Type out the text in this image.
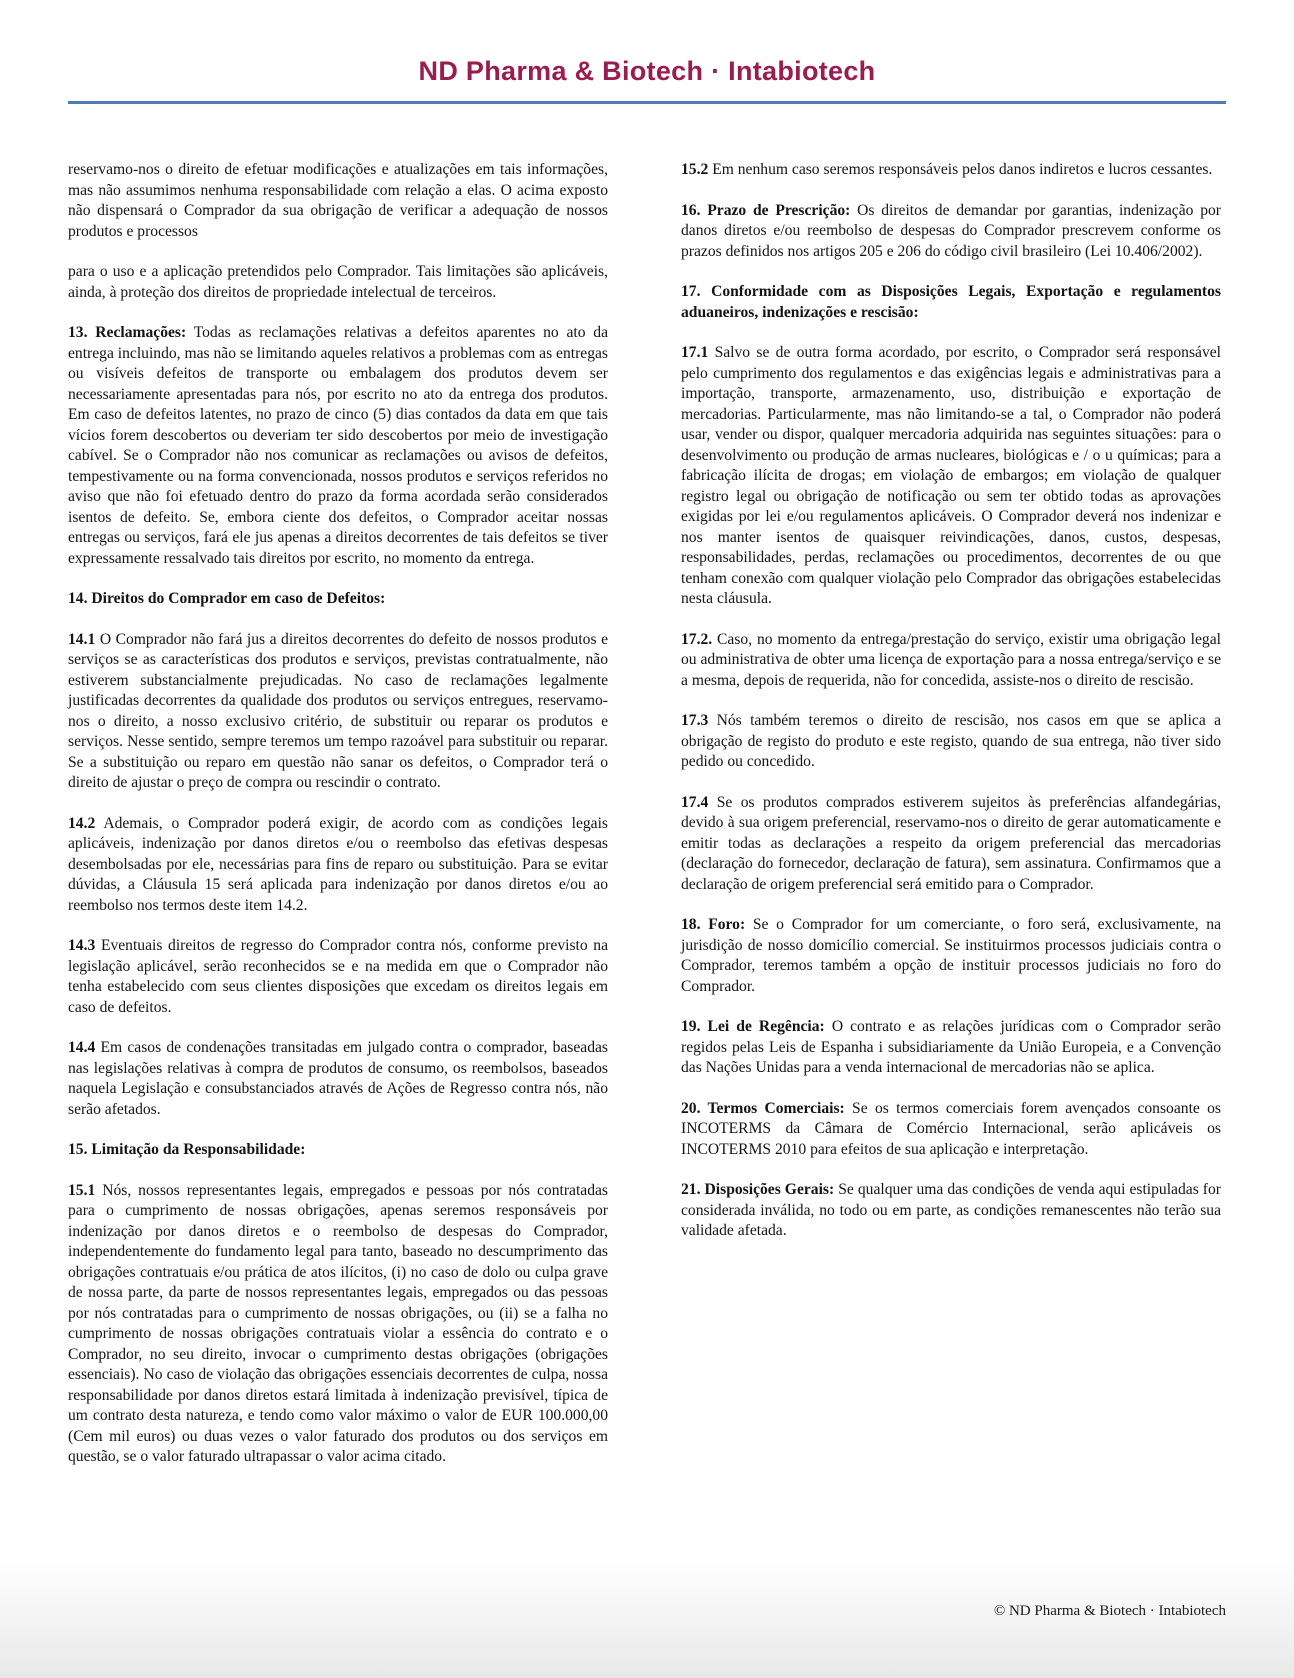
ND Pharma & Biotech · Intabiotech

reservamo-nos o direito de efetuar modificações e atualizações em tais informações, mas não assumimos nenhuma responsabilidade com relação a elas. O acima exposto não dispensará o Comprador da sua obrigação de verificar a adequação de nossos produtos e processos

para o uso e a aplicação pretendidos pelo Comprador. Tais limitações são aplicáveis, ainda, à proteção dos direitos de propriedade intelectual de terceiros.

13. Reclamações: Todas as reclamações relativas a defeitos aparentes no ato da entrega incluindo, mas não se limitando aqueles relativos a problemas com as entregas ou visíveis defeitos de transporte ou embalagem dos produtos devem ser necessariamente apresentadas para nós, por escrito no ato da entrega dos produtos. Em caso de defeitos latentes, no prazo de cinco (5) dias contados da data em que tais vícios forem descobertos ou deveriam ter sido descobertos por meio de investigação cabível. Se o Comprador não nos comunicar as reclamações ou avisos de defeitos, tempestivamente ou na forma convencionada, nossos produtos e serviços referidos no aviso que não foi efetuado dentro do prazo da forma acordada serão considerados isentos de defeito. Se, embora ciente dos defeitos, o Comprador aceitar nossas entregas ou serviços, fará ele jus apenas a direitos decorrentes de tais defeitos se tiver expressamente ressalvado tais direitos por escrito, no momento da entrega.

14. Direitos do Comprador em caso de Defeitos:

14.1 O Comprador não fará jus a direitos decorrentes do defeito de nossos produtos e serviços se as características dos produtos e serviços, previstas contratualmente, não estiverem substancialmente prejudicadas. No caso de reclamações legalmente justificadas decorrentes da qualidade dos produtos ou serviços entregues, reservamo-nos o direito, a nosso exclusivo critério, de substituir ou reparar os produtos e serviços. Nesse sentido, sempre teremos um tempo razoável para substituir ou reparar. Se a substituição ou reparo em questão não sanar os defeitos, o Comprador terá o direito de ajustar o preço de compra ou rescindir o contrato.

14.2 Ademais, o Comprador poderá exigir, de acordo com as condições legais aplicáveis, indenização por danos diretos e/ou o reembolso das efetivas despesas desembolsadas por ele, necessárias para fins de reparo ou substituição. Para se evitar dúvidas, a Cláusula 15 será aplicada para indenização por danos diretos e/ou ao reembolso nos termos deste item 14.2.

14.3 Eventuais direitos de regresso do Comprador contra nós, conforme previsto na legislação aplicável, serão reconhecidos se e na medida em que o Comprador não tenha estabelecido com seus clientes disposições que excedam os direitos legais em caso de defeitos.

14.4 Em casos de condenações transitadas em julgado contra o comprador, baseadas nas legislações relativas à compra de produtos de consumo, os reembolsos, baseados naquela Legislação e consubstanciados através de Ações de Regresso contra nós, não serão afetados.

15. Limitação da Responsabilidade:

15.1 Nós, nossos representantes legais, empregados e pessoas por nós contratadas para o cumprimento de nossas obrigações, apenas seremos responsáveis por indenização por danos diretos e o reembolso de despesas do Comprador, independentemente do fundamento legal para tanto, baseado no descumprimento das obrigações contratuais e/ou prática de atos ilícitos, (i) no caso de dolo ou culpa grave de nossa parte, da parte de nossos representantes legais, empregados ou das pessoas por nós contratadas para o cumprimento de nossas obrigações, ou (ii) se a falha no cumprimento de nossas obrigações contratuais violar a essência do contrato e o Comprador, no seu direito, invocar o cumprimento destas obrigações (obrigações essenciais). No caso de violação das obrigações essenciais decorrentes de culpa, nossa responsabilidade por danos diretos estará limitada à indenização previsível, típica de um contrato desta natureza, e tendo como valor máximo o valor de EUR 100.000,00 (Cem mil euros) ou duas vezes o valor faturado dos produtos ou dos serviços em questão, se o valor faturado ultrapassar o valor acima citado.

15.2 Em nenhum caso seremos responsáveis pelos danos indiretos e lucros cessantes.

16. Prazo de Prescrição: Os direitos de demandar por garantias, indenização por danos diretos e/ou reembolso de despesas do Comprador prescrevem conforme os prazos definidos nos artigos 205 e 206 do código civil brasileiro (Lei 10.406/2002).

17. Conformidade com as Disposições Legais, Exportação e regulamentos aduaneiros, indenizações e rescisão:

17.1 Salvo se de outra forma acordado, por escrito, o Comprador será responsável pelo cumprimento dos regulamentos e das exigências legais e administrativas para a importação, transporte, armazenamento, uso, distribuição e exportação de mercadorias. Particularmente, mas não limitando-se a tal, o Comprador não poderá usar, vender ou dispor, qualquer mercadoria adquirida nas seguintes situações: para o desenvolvimento ou produção de armas nucleares, biológicas e / o u químicas; para a fabricação ilícita de drogas; em violação de embargos; em violação de qualquer registro legal ou obrigação de notificação ou sem ter obtido todas as aprovações exigidas por lei e/ou regulamentos aplicáveis. O Comprador deverá nos indenizar e nos manter isentos de quaisquer reivindicações, danos, custos, despesas, responsabilidades, perdas, reclamações ou procedimentos, decorrentes de ou que tenham conexão com qualquer violação pelo Comprador das obrigações estabelecidas nesta cláusula.

17.2. Caso, no momento da entrega/prestação do serviço, existir uma obrigação legal ou administrativa de obter uma licença de exportação para a nossa entrega/serviço e se a mesma, depois de requerida, não for concedida, assiste-nos o direito de rescisão.

17.3 Nós também teremos o direito de rescisão, nos casos em que se aplica a obrigação de registo do produto e este registo, quando de sua entrega, não tiver sido pedido ou concedido.

17.4 Se os produtos comprados estiverem sujeitos às preferências alfandegárias, devido à sua origem preferencial, reservamo-nos o direito de gerar automaticamente e emitir todas as declarações a respeito da origem preferencial das mercadorias (declaração do fornecedor, declaração de fatura), sem assinatura. Confirmamos que a declaração de origem preferencial será emitido para o Comprador.

18. Foro: Se o Comprador for um comerciante, o foro será, exclusivamente, na jurisdição de nosso domicílio comercial. Se instituirmos processos judiciais contra o Comprador, teremos também a opção de instituir processos judiciais no foro do Comprador.

19. Lei de Regência: O contrato e as relações jurídicas com o Comprador serão regidos pelas Leis de Espanha i subsidiariamente da União Europeia, e a Convenção das Nações Unidas para a venda internacional de mercadorias não se aplica.

20. Termos Comerciais: Se os termos comerciais forem avençados consoante os INCOTERMS da Câmara de Comércio Internacional, serão aplicáveis os INCOTERMS 2010 para efeitos de sua aplicação e interpretação.

21. Disposições Gerais: Se qualquer uma das condições de venda aqui estipuladas for considerada inválida, no todo ou em parte, as condições remanescentes não terão sua validade afetada.

© ND Pharma & Biotech · Intabiotech
